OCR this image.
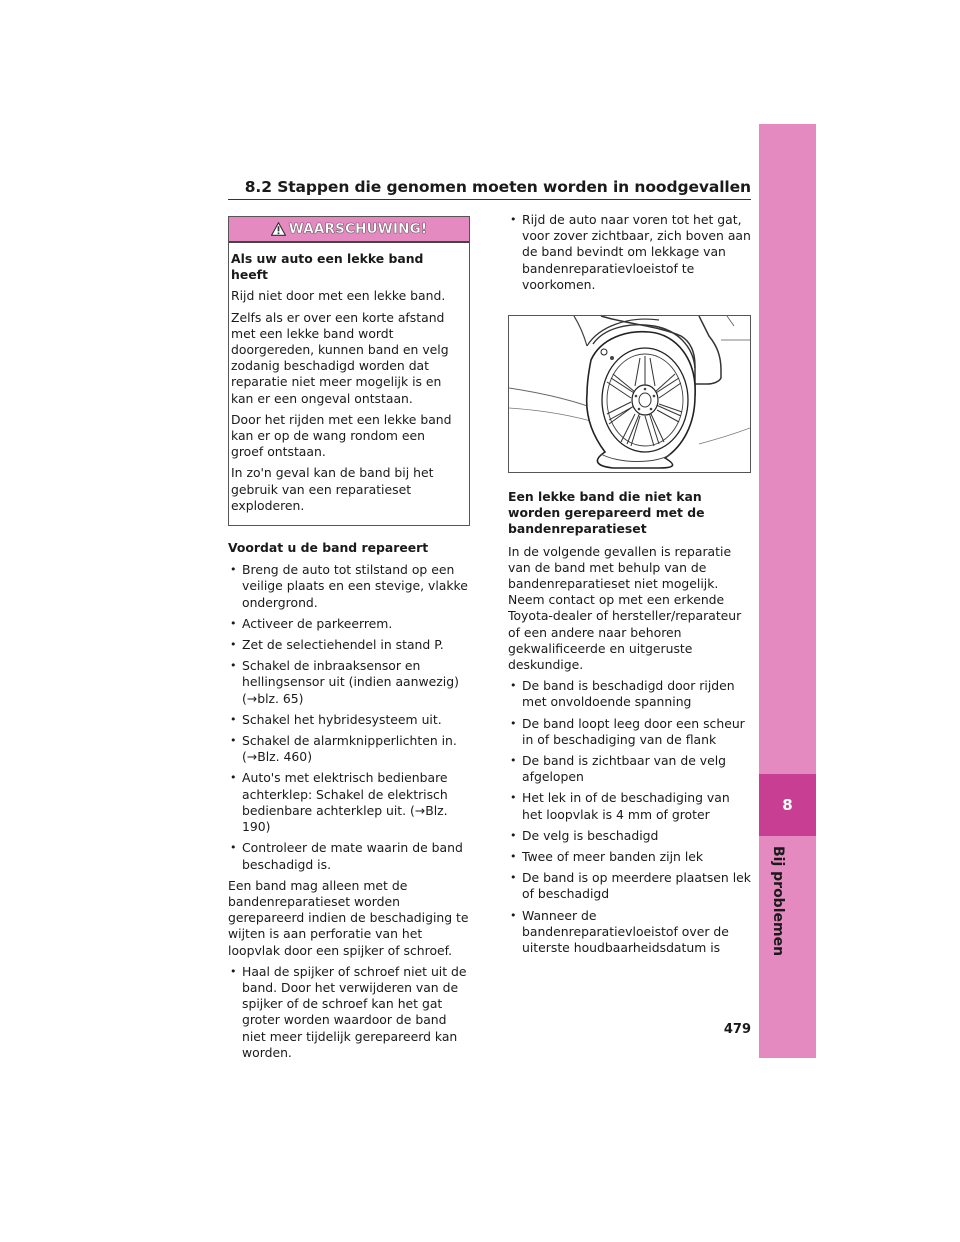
8.2 Stappen die genomen moeten worden in noodgevallen
8
Bij problemen
479
WAARSCHUWING!

Als uw auto een lekke band heeft

Rijd niet door met een lekke band.

Zelfs als er over een korte afstand met een lekke band wordt doorgereden, kunnen band en velg zodanig beschadigd worden dat reparatie niet meer mogelijk is en kan er een ongeval ontstaan.

Door het rijden met een lekke band kan er op de wang rondom een groef ontstaan.

In zo'n geval kan de band bij het gebruik van een reparatieset exploderen.

Voordat u de band repareert

• Breng de auto tot stilstand op een veilige plaats en een stevige, vlakke ondergrond.
• Activeer de parkeerrem.
• Zet de selectiehendel in stand P.
• Schakel de inbraaksensor en hellingsensor uit (indien aanwezig) (→blz. 65)
• Schakel het hybridesysteem uit.
• Schakel de alarmknipperlichten in. (→Blz. 460)
• Auto's met elektrisch bedienbare achterklep: Schakel de elektrisch bedienbare achterklep uit. (→Blz. 190)
• Controleer de mate waarin de band beschadigd is.

Een band mag alleen met de bandenreparatieset worden gerepareerd indien de beschadiging te wijten is aan perforatie van het loopvlak door een spijker of schroef.

• Haal de spijker of schroef niet uit de band. Door het verwijderen van de spijker of de schroef kan het gat groter worden waardoor de band niet meer tijdelijk gerepareerd kan worden.
• Rijd de auto naar voren tot het gat, voor zover zichtbaar, zich boven aan de band bevindt om lekkage van bandenreparatievloeistof te voorkomen.

Een lekke band die niet kan worden gerepareerd met de bandenreparatieset

In de volgende gevallen is reparatie van de band met behulp van de bandenreparatieset niet mogelijk. Neem contact op met een erkende Toyota-dealer of hersteller/reparateur of een andere naar behoren gekwalificeerde en uitgeruste deskundige.

• De band is beschadigd door rijden met onvoldoende spanning
• De band loopt leeg door een scheur in of beschadiging van de flank
• De band is zichtbaar van de velg afgelopen
• Het lek in of de beschadiging van het loopvlak is 4 mm of groter
• De velg is beschadigd
• Twee of meer banden zijn lek
• De band is op meerdere plaatsen lek of beschadigd
• Wanneer de bandenreparatievloeistof over de uiterste houdbaarheidsdatum is
